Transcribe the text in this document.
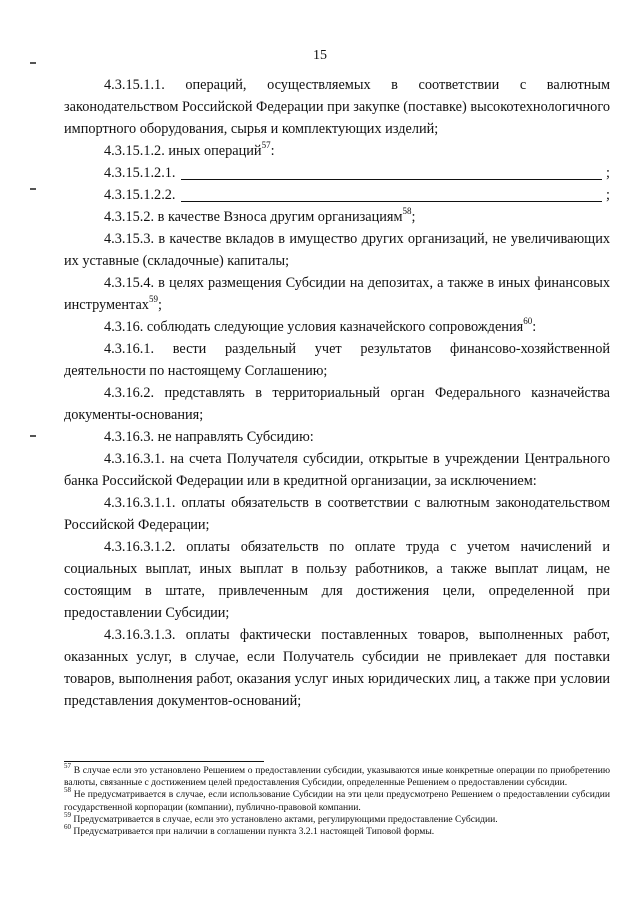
15

4.3.15.1.1. операций, осуществляемых в соответствии с валютным законодательством Российской Федерации при закупке (поставке) высокотехнологичного импортного оборудования, сырья и комплектующих изделий;

4.3.15.1.2. иных операций$^{57}$:

4.3.15.1.2.1.	;
4.3.15.1.2.2.	;

4.3.15.2. в качестве Взноса другим организациям$^{58}$;

4.3.15.3. в качестве вкладов в имущество других организаций, не увеличивающих их уставные (складочные) капиталы;

4.3.15.4. в целях размещения Субсидии на депозитах, а также в иных финансовых инструментах$^{59}$;

4.3.16. соблюдать следующие условия казначейского сопровождения$^{60}$:

4.3.16.1. вести раздельный учет результатов финансово-хозяйственной деятельности по настоящему Соглашению;

4.3.16.2. представлять в территориальный орган Федерального казначейства документы-основания;

4.3.16.3. не направлять Субсидию:

4.3.16.3.1. на счета Получателя субсидии, открытые в учреждении Центрального банка Российской Федерации или в кредитной организации, за исключением:

4.3.16.3.1.1. оплаты обязательств в соответствии с валютным законодательством Российской Федерации;

4.3.16.3.1.2. оплаты обязательств по оплате труда с учетом начислений и социальных выплат, иных выплат в пользу работников, а также выплат лицам, не состоящим в штате, привлеченным для достижения цели, определенной при предоставлении Субсидии;

4.3.16.3.1.3. оплаты фактически поставленных товаров, выполненных работ, оказанных услуг, в случае, если Получатель субсидии не привлекает для поставки товаров, выполнения работ, оказания услуг иных юридических лиц, а также при условии представления документов-оснований;

$^{57}$ В случае если это установлено Решением о предоставлении субсидии, указываются иные конкретные операции по приобретению валюты, связанные с достижением целей предоставления Субсидии, определенные Решением о предоставлении субсидии.

$^{58}$ Не предусматривается в случае, если использование Субсидии на эти цели предусмотрено Решением о предоставлении субсидии государственной корпорации (компании), публично-правовой компании.

$^{59}$ Предусматривается в случае, если это установлено актами, регулирующими предоставление Субсидии.

$^{60}$ Предусматривается при наличии в соглашении пункта 3.2.1 настоящей Типовой формы.
